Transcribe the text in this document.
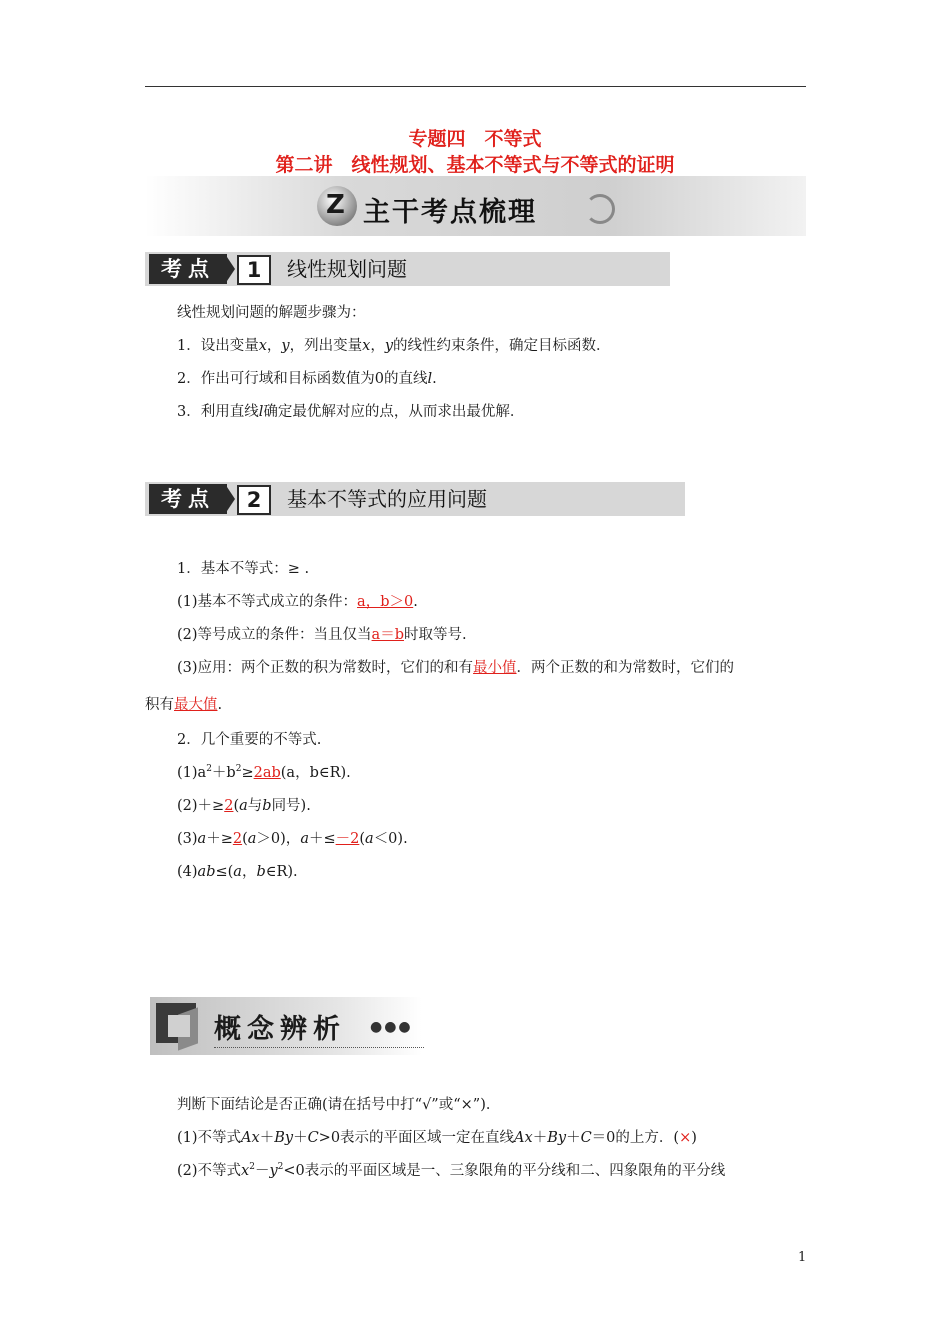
专题四　不等式
第二讲　线性规划、基本不等式与不等式的证明
Z 主干考点梳理
考点	1	线性规划问题
线性规划问题的解题步骤为：
1．设出变量x，y，列出变量x，y的线性约束条件，确定目标函数．
2．作出可行域和目标函数值为0的直线l.
3．利用直线l确定最优解对应的点，从而求出最优解．
考点	2	基本不等式的应用问题
1．基本不等式：≥ .
(1)基本不等式成立的条件：a，b＞0.
(2)等号成立的条件：当且仅当a＝b时取等号.
(3)应用：两个正数的积为常数时，它们的和有最小值．两个正数的和为常数时，它们的
积有最大值.
2．几个重要的不等式.
$(1)a^2+b^2\ge 2ab(a$，b∈R).
(2)＋≥2(a与b同号).
(3)a＋≥2(a＞0)，a＋≤－2(a＜0).
(4)ab≤(a，b∈R).
概念辨析 ●●●
判断下面结论是否正确(请在括号中打“√”或“×”)．
(1)不等式Ax＋By＋C>0表示的平面区域一定在直线Ax＋By＋C＝0的上方．(×)
(2)不等式$x^2-y^2<0$表示的平面区域是一、三象限角的平分线和二、四象限角的平分线
1
